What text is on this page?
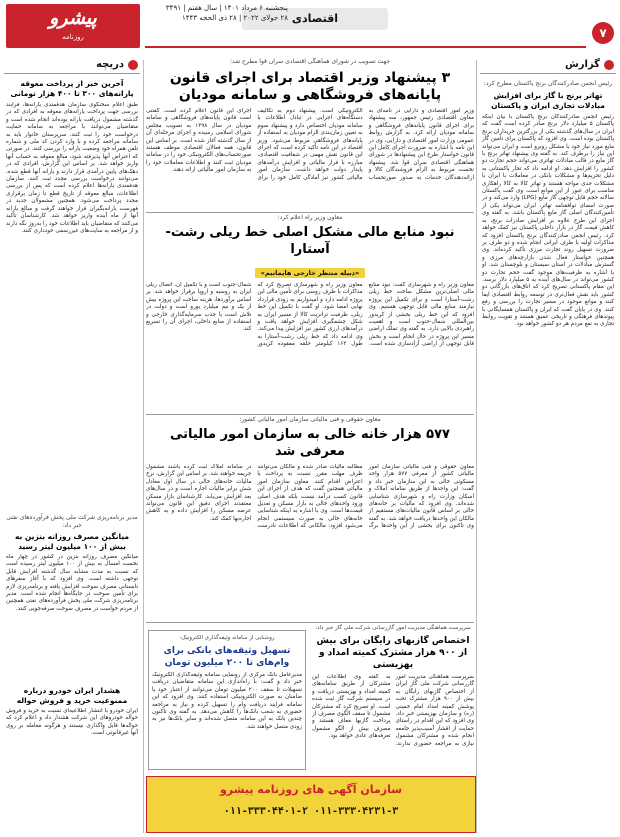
۷
اقتصادی
پیشرو
روزنامه
پنجشنبه ۶ مرداد ۱۴۰۱ | سال هفتم | ۳۴۹۱
۲۸ جولای ۲۰۲۲ | ۲۸ ذی الحجه ۱۴۴۳
گزارش
رئیس انجمن صادرکنندگان برنج پاکستان مطرح کرد:
تهاتر برنج با گاز برای افزایش مبادلات تجاری ایران و پاکستان
رئیس انجمن صادرکنندگان برنج پاکستان با بیان اینکه پاکستان ۵ میلیارد دلار برنج صادر کرده است گفت که ایران در سال‌های گذشته یکی از بزرگترین خریداران برنج پاکستان بوده است. وی افزود که پاکستان برای تأمین گاز مایع مورد نیاز خود با مشکل روبرو است و ایران می‌تواند این نیاز را برطرف کند. به گفته وی پیشنهاد تهاتر برنج با گاز مایع در قالب مبادلات تهاتری می‌تواند حجم تجارت دو کشور را افزایش دهد. او ادامه داد که تجار پاکستانی به دلیل تحریم‌ها و مشکلات بانکی در معاملات با ایران با مشکلات جدی مواجه هستند و تهاتر کالا به کالا راهکاری مناسب برای عبور از این موانع است. وی گفت پاکستان سالانه حجم قابل توجهی گاز مایع (LPG) وارد می‌کند و در صورت امضای توافقنامه تهاتر، ایران می‌تواند یکی از تأمین‌کنندگان اصلی گاز مایع پاکستان باشد. به گفته وی اجرای این طرح علاوه بر افزایش صادرات برنج، به کاهش قیمت گاز در بازار داخلی پاکستان نیز کمک خواهد کرد. رئیس انجمن صادرکنندگان برنج پاکستان افزود که مذاکرات اولیه با طرف ایرانی انجام شده و دو طرف بر ضرورت تسهیل روند تجارت مرزی تأکید کرده‌اند. وی همچنین خواستار فعال شدن بازارچه‌های مرزی و گسترش مبادلات در استان سیستان و بلوچستان شد. او با اشاره به ظرفیت‌های موجود گفت حجم تجارت دو کشور می‌تواند در سال‌های آینده به ۵ میلیارد دلار برسد. این مقام پاکستانی تصریح کرد که اتاق‌های بازرگانی دو کشور باید نقش فعال‌تری در توسعه روابط اقتصادی ایفا کنند و موانع موجود در مسیر تجارت را بررسی و رفع کنند. وی در پایان گفت که ایران و پاکستان همسایگانی با پیوندهای فرهنگی و تاریخی عمیق هستند و تقویت روابط تجاری به نفع مردم هر دو کشور خواهد بود.
دریچه
آخرین خبر از پرداخت معوقه یارانه‌های ۳۰۰ تا ۴۰۰ هزار تومانی
طبق اعلام سخنگوی سازمان هدفمندی یارانه‌ها، فرایند بررسی جهت پرداخت یارانه‌های معوقه به افرادی که در گذشته مشمول دریافت یارانه بوده‌اند انجام شده است و متقاضیان می‌توانند با مراجعه به سامانه حمایت درخواست خود را ثبت کنند. سرپرستان خانوار باید به سامانه مراجعه کرده و با وارد کردن کد ملی و شماره تلفن همراه خود وضعیت یارانه را بررسی کنند. در صورتی که اعتراض آنها پذیرفته شود، مبالغ معوقه به حساب آنها واریز خواهد شد. بر اساس این گزارش، افرادی که در دهک‌های پایین درآمدی قرار دارند و یارانه آنها قطع شده، می‌توانند درخواست بررسی مجدد ثبت کنند. سازمان هدفمندی یارانه‌ها اعلام کرده است که پس از بررسی اطلاعات، مبالغ معوقه از تاریخ قطع تا زمان برقراری مجدد پرداخت می‌شود. همچنین مشمولان جدید در فهرست یارانه‌بگیران قرار خواهند گرفت و مبالغ یارانه آنها از ماه آینده واریز خواهد شد. کارشناسان تأکید می‌کنند که متقاضیان باید اطلاعات خود را به‌روز نگه دارند و از مراجعه به سایت‌های غیررسمی خودداری کنند.
مدیر برنامه‌ریزی شرکت ملی پخش فرآورده‌های نفتی خبر داد:
میانگین مصرف روزانه بنزین به بیش از ۱۰۰ میلیون لیتر رسید
میانگین مصرف روزانه بنزین در کشور در چهار ماه نخست امسال به بیش از ۱۰۰ میلیون لیتر رسیده است که نسبت به مدت مشابه سال گذشته افزایش قابل توجهی داشته است. وی افزود که با آغاز سفرهای تابستانی مصرف سوخت افزایش یافته و برنامه‌ریزی لازم برای تأمین سوخت در جایگاه‌ها انجام شده است. مدیر برنامه‌ریزی شرکت ملی پخش فرآورده‌های نفتی همچنین از مردم خواست در مصرف سوخت صرفه‌جویی کنند.
هشدار ایران خودرو درباره ممنوعیت خرید و فروش حواله
ایران خودرو با انتشار اطلاعیه‌ای نسبت به خرید و فروش حواله خودروهای این شرکت هشدار داد و اعلام کرد که حواله‌ها قابل واگذاری نیستند و هرگونه معامله بر روی آنها غیرقانونی است.
جهت تصویب در شورای هماهنگی اقتصادی سران قوا مطرح شد:
۳ پیشنهاد وزیر اقتصاد برای اجرای قانون پایانه‌های فروشگاهی و سامانه مودیان
وزیر امور اقتصادی و دارایی در نامه‌ای به معاون اقتصادی رئیس جمهور، سه پیشنهاد برای اجرای قانون پایانه‌های فروشگاهی و سامانه مودیان ارائه کرد. به گزارش روابط عمومی وزارت امور اقتصادی و دارایی، وی در این نامه با اشاره به ضرورت اجرای کامل این قانون خواستار طرح این پیشنهادها در شورای هماهنگی اقتصادی سران قوا شد. پیشنهاد نخست مربوط به الزام فروشندگان کالا و ارائه‌دهندگان خدمات به صدور صورتحساب الکترونیکی است. پیشنهاد دوم به تکالیف دستگاه‌های اجرایی در تبادل اطلاعات با سامانه مودیان اختصاص دارد و پیشنهاد سوم به تعیین زمان‌بندی الزام مودیان به استفاده از پایانه‌های فروشگاهی مربوط می‌شود. وزیر اقتصاد در این نامه تأکید کرده است که اجرای این قانون نقش مهمی در شفافیت اقتصادی، مبارزه با فرار مالیاتی و افزایش درآمدهای پایدار دولت خواهد داشت. سازمان امور مالیاتی کشور نیز آمادگی کامل خود را برای اجرای این قانون اعلام کرده است. گفتنی است قانون پایانه‌های فروشگاهی و سامانه مودیان در سال ۱۳۹۸ به تصویب مجلس شورای اسلامی رسیده و اجرای مرحله‌ای آن از سال گذشته آغاز شده است. بر اساس این قانون، همه فعالان اقتصادی موظف هستند صورتحساب‌های الکترونیکی خود را در سامانه مودیان ثبت کنند و اطلاعات معاملات خود را به سازمان امور مالیاتی ارائه دهند.
معاون وزیر راه اعلام کرد:
نبود منابع مالی مشکل اصلی خط ریلی رشت-آستارا
«دبیله منتظر خارجی هایمانیم»
معاون وزیر راه و شهرسازی گفت: نبود منابع مالی اصلی‌ترین مشکل ساخت خط ریلی رشت-آستارا است و برای تکمیل این پروژه نیازمند منابع مالی قابل توجهی هستیم. وی افزود که این خط ریلی بخشی از کریدور بین‌المللی شمال-جنوب است و اهمیت راهبردی بالایی دارد. به گفته وی تملک اراضی مسیر این پروژه در حال انجام است و بخش قابل توجهی از اراضی آزادسازی شده است. معاون وزیر راه و شهرسازی تصریح کرد که مذاکرات با طرف روسی برای تأمین مالی این پروژه ادامه دارد و امیدواریم به زودی قرارداد نهایی امضا شود. او گفت با تکمیل این خط ریلی، ظرفیت ترانزیت کالا از مسیر ایران به شکل چشمگیری افزایش خواهد یافت و درآمدهای ارزی کشور نیز افزایش پیدا می‌کند. وی ادامه داد که خط ریلی رشت-آستارا به طول ۱۶۲ کیلومتر حلقه مفقوده کریدور شمال-جنوب است و با تکمیل آن، اتصال ریلی ایران به روسیه و اروپا برقرار خواهد شد. بر اساس برآوردها، هزینه ساخت این پروژه بیش از یک و نیم میلیارد یورو است و دولت در تلاش است با جذب سرمایه‌گذاری خارجی و استفاده از منابع داخلی، اجرای آن را تسریع کند.
معاون حقوقی و فنی مالیاتی سازمان امور مالیاتی کشور:
۵۷۷ هزار خانه خالی به سازمان امور مالیاتی معرفی شد
معاون حقوقی و فنی مالیاتی سازمان امور مالیاتی کشور از معرفی ۵۷۷ هزار واحد مسکونی خالی به این سازمان خبر داد و گفت: این واحدها از طریق سامانه املاک و اسکان وزارت راه و شهرسازی شناسایی شده‌اند. وی افزود که مالیات بر خانه‌های خالی بر اساس قانون مالیات‌های مستقیم از مالکان این واحدها دریافت خواهد شد. به گفته وی تاکنون برای بخشی از این واحدها برگ مطالبه مالیات صادر شده و مالکان می‌توانند ظرف مهلت مقرر نسبت به پرداخت یا اعتراض اقدام کنند. معاون سازمان امور مالیاتی همچنین گفت که هدف از اجرای این قانون کسب درآمد نیست بلکه هدف اصلی ورود واحدهای خالی به بازار مسکن و تعدیل قیمت‌ها است. وی با اشاره به اینکه شناسایی خانه‌های خالی به صورت سیستمی انجام می‌شود افزود: مالکانی که اطلاعات نادرست در سامانه املاک ثبت کرده باشند مشمول جریمه خواهند شد. بر اساس این گزارش، نرخ مالیات خانه‌های خالی در سال اول معادل شش برابر مالیات اجاره است و در سال‌های بعد افزایش می‌یابد. کارشناسان بازار مسکن معتقدند اجرای دقیق این قانون می‌تواند عرضه مسکن را افزایش داده و به کاهش اجاره‌بها کمک کند.
سرپرست هماهنگی مدیریت امور گازرسانی شرکت ملی گاز خبر داد:
اختصاص گازبهای رایگان برای بیش از ۹۰۰ هزار مشترک کمیته امداد و بهزیستی
سرپرست هماهنگی مدیریت امور گازرسانی شرکت ملی گاز ایران از اختصاص گازبهای رایگان به بیش از ۹۰۰ هزار مشترک تحت پوشش کمیته امداد امام خمینی (ره) و سازمان بهزیستی خبر داد. وی افزود که این اقدام در راستای حمایت از اقشار آسیب‌پذیر جامعه انجام شده و مشترکان مشمول نیازی به مراجعه حضوری ندارند. به گفته وی اطلاعات این مشترکان از طریق سامانه‌های کمیته امداد و بهزیستی دریافت و در سیستم شرکت گاز ثبت شده است. او تصریح کرد که مشترکان مشمول تا سقف الگوی مصرف از پرداخت گازبها معاف هستند و مصرف بیش از الگو مشمول تعرفه‌های عادی خواهد بود.
روشنایی از سامانه وثیقه‌گذاری الکترونیک:
تسهیل وثیقه‌های بانکی برای وام‌های تا ۲۰۰ میلیون تومان
مدیرعامل بانک مرکزی از رونمایی سامانه وثیقه‌گذاری الکترونیک خبر داد و گفت: با راه‌اندازی این سامانه متقاضیان دریافت تسهیلات تا سقف ۲۰۰ میلیون تومان می‌توانند از اعتبار خود یا ضامنان به صورت الکترونیکی استفاده کنند. وی افزود که این سامانه فرایند دریافت وام را تسهیل کرده و نیاز به مراجعه حضوری به شعب بانک‌ها را کاهش می‌دهد. به گفته وی تاکنون چندین بانک به این سامانه متصل شده‌اند و سایر بانک‌ها نیز به زودی متصل خواهند شد.
سازمان آگهی های روزنامه پیشرو
۰۱۱-۳۳۳۰۴۴۰۱-۲ ۰۱۱-۳۳۳۰۴۲۳۱-۳
